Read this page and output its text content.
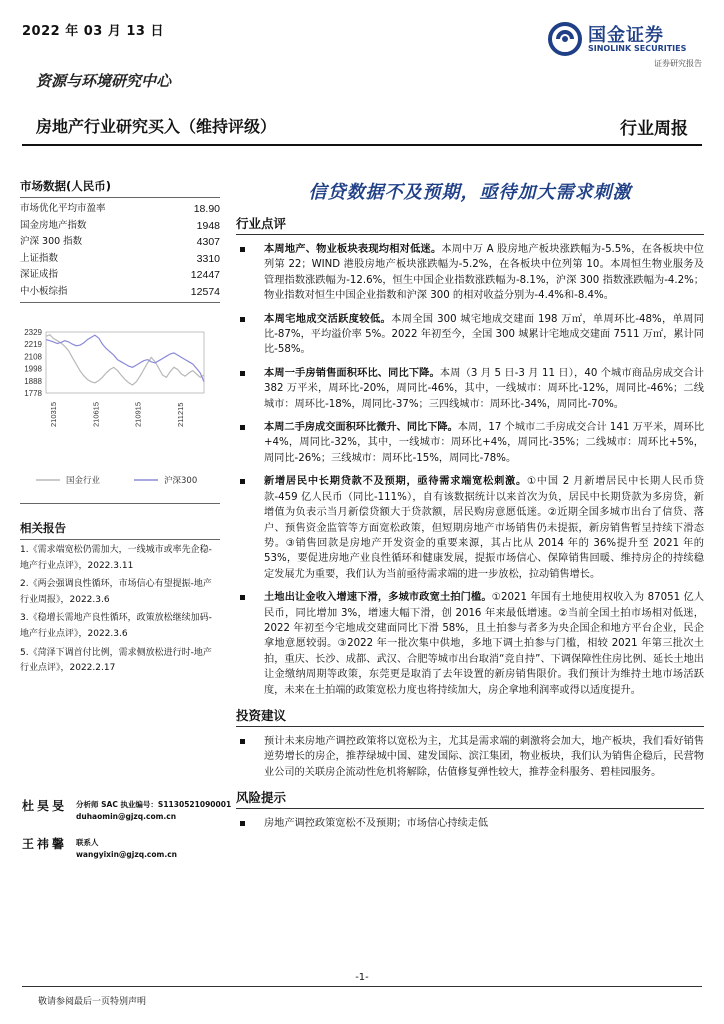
2022 年 03 月 13 日	国金证券
SINOLINK SECURITIES
证券研究报告
资源与环境研究中心
房地产行业研究买入（维持评级）	行业周报
市场数据(人民币)
市场优化平均市盈率	18.90
国金房地产指数	1948
沪深 300 指数	4307
上证指数	3310
深证成指	12447
中小板综指	12574
2329
2219
2108
1998
1888
1778
210315	210615	210915	211215
国金行业	沪深300
相关报告
1.《需求端宽松仍需加大，一线城市或率先企稳-地产行业点评》，2022.3.11
2.《两会强调良性循环，市场信心有望提振-地产行业周报》，2022.3.6
3.《稳增长需地产良性循环，政策放松继续加码-地产行业点评》，2022.3.6
5.《菏泽下调首付比例，需求侧放松进行时-地产行业点评》，2022.2.17
杜昊旻 分析师 SAC 执业编号：S1130521090001
duhaomin@gjzq.com.cn
王祎馨 联系人
wangyixin@gjzq.com.cn
信贷数据不及预期，亟待加大需求刺激
行业点评
本周地产、物业板块表现均相对低迷。本周中万 A 股房地产板块涨跌幅为-5.5%，在各板块中位列第 22；WIND 港股房地产板块涨跌幅为-5.2%，在各板块中位列第 10。本周恒生物业服务及管理指数涨跌幅为-12.6%，恒生中国企业指数涨跌幅为-8.1%，沪深 300 指数涨跌幅为-4.2%；物业指数对恒生中国企业指数和沪深 300 的相对收益分别为-4.4%和-8.4%。
本周宅地成交活跃度较低。本周全国 300 城宅地成交建面 198 万㎡，单周环比-48%，单周同比-87%，平均溢价率 5%。2022 年初至今，全国 300 城累计宅地成交建面 7511 万㎡，累计同比-58%。
本周一手房销售面积环比、同比下降。本周（3 月 5 日-3 月 11 日），40 个城市商品房成交合计 382 万平米，周环比-20%，周同比-46%，其中，一线城市：周环比-12%，周同比-46%；二线城市：周环比-18%，周同比-37%；三四线城市：周环比-34%，周同比-70%。
本周二手房成交面积环比微升、同比下降。本周，17 个城市二手房成交合计 141 万平米，周环比+4%，周同比-32%，其中，一线城市：周环比+4%，周同比-35%；二线城市：周环比+5%，周同比-26%；三线城市：周环比-15%，周同比-78%。
新增居民中长期贷款不及预期，亟待需求端宽松刺激。①中国 2 月新增居民中长期人民币贷款-459 亿人民币（同比-111%），自有该数据统计以来首次为负，居民中长期贷款为多房贷，新增值为负表示当月新偿贷额大于贷款额，居民购房意愿低迷。②近期全国多城市出台了信贷、落户、预售资金监管等方面宽松政策，但短期房地产市场销售仍未提振，新房销售暂呈持续下滑态势。③销售回款是房地产开发资金的重要来源，其占比从 2014 年的 36%提升至 2021 年的 53%，要促进房地产业良性循环和健康发展，提振市场信心、保障销售回暖、维持房企的持续稳定发展尤为重要，我们认为当前亟待需求端的进一步放松，拉动销售增长。
土地出让金收入增速下滑，多城市政宽土拍门槛。①2021 年国有土地使用权收入为 87051 亿人民币，同比增加 3%，增速大幅下滑，创 2016 年来最低增速。②当前全国土拍市场相对低迷，2022 年初至今宅地成交建面同比下滑 58%，且土拍参与者多为央企国企和地方平台企业，民企拿地意愿较弱。③2022 年一批次集中供地，多地下调土拍参与门槛，相较 2021 年第三批次土拍，重庆、长沙、成都、武汉、合肥等城市出台取消“竞自持”、下调保障性住房比例、延长土地出让金缴纳周期等政策，东莞更是取消了去年设置的新房销售限价。我们预计为维持土地市场活跃度，未来在土拍端的政策宽松力度也将持续加大，房企拿地利润率或得以适度提升。
投资建议
预计未来房地产调控政策将以宽松为主，尤其是需求端的刺激将会加大，地产板块，我们看好销售逆势增长的房企，推荐绿城中国、建发国际、滨江集团，物业板块，我们认为销售企稳后，民营物业公司的关联房企流动性危机将解除，估值修复弹性较大，推荐金科服务、碧桂园服务。
风险提示
房地产调控政策宽松不及预期；市场信心持续走低
-1-
敬请参阅最后一页特别声明
